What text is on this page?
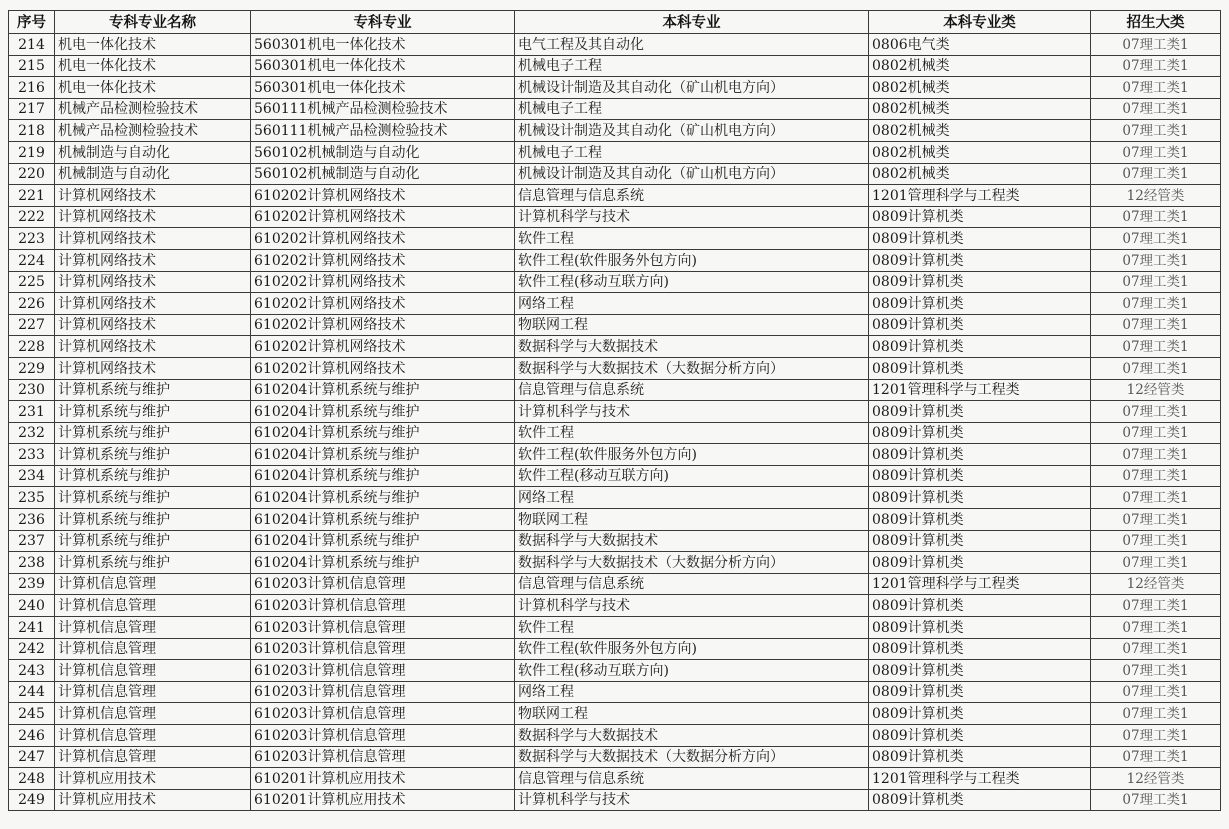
序号	专科专业名称	专科专业	本科专业	本科专业类	招生大类
214	机电一体化技术	560301机电一体化技术	电气工程及其自动化	0806电气类	07理工类1
215	机电一体化技术	560301机电一体化技术	机械电子工程	0802机械类	07理工类1
216	机电一体化技术	560301机电一体化技术	机械设计制造及其自动化（矿山机电方向）	0802机械类	07理工类1
217	机械产品检测检验技术	560111机械产品检测检验技术	机械电子工程	0802机械类	07理工类1
218	机械产品检测检验技术	560111机械产品检测检验技术	机械设计制造及其自动化（矿山机电方向）	0802机械类	07理工类1
219	机械制造与自动化	560102机械制造与自动化	机械电子工程	0802机械类	07理工类1
220	机械制造与自动化	560102机械制造与自动化	机械设计制造及其自动化（矿山机电方向）	0802机械类	07理工类1
221	计算机网络技术	610202计算机网络技术	信息管理与信息系统	1201管理科学与工程类	12经管类
222	计算机网络技术	610202计算机网络技术	计算机科学与技术	0809计算机类	07理工类1
223	计算机网络技术	610202计算机网络技术	软件工程	0809计算机类	07理工类1
224	计算机网络技术	610202计算机网络技术	软件工程(软件服务外包方向)	0809计算机类	07理工类1
225	计算机网络技术	610202计算机网络技术	软件工程(移动互联方向)	0809计算机类	07理工类1
226	计算机网络技术	610202计算机网络技术	网络工程	0809计算机类	07理工类1
227	计算机网络技术	610202计算机网络技术	物联网工程	0809计算机类	07理工类1
228	计算机网络技术	610202计算机网络技术	数据科学与大数据技术	0809计算机类	07理工类1
229	计算机网络技术	610202计算机网络技术	数据科学与大数据技术（大数据分析方向）	0809计算机类	07理工类1
230	计算机系统与维护	610204计算机系统与维护	信息管理与信息系统	1201管理科学与工程类	12经管类
231	计算机系统与维护	610204计算机系统与维护	计算机科学与技术	0809计算机类	07理工类1
232	计算机系统与维护	610204计算机系统与维护	软件工程	0809计算机类	07理工类1
233	计算机系统与维护	610204计算机系统与维护	软件工程(软件服务外包方向)	0809计算机类	07理工类1
234	计算机系统与维护	610204计算机系统与维护	软件工程(移动互联方向)	0809计算机类	07理工类1
235	计算机系统与维护	610204计算机系统与维护	网络工程	0809计算机类	07理工类1
236	计算机系统与维护	610204计算机系统与维护	物联网工程	0809计算机类	07理工类1
237	计算机系统与维护	610204计算机系统与维护	数据科学与大数据技术	0809计算机类	07理工类1
238	计算机系统与维护	610204计算机系统与维护	数据科学与大数据技术（大数据分析方向）	0809计算机类	07理工类1
239	计算机信息管理	610203计算机信息管理	信息管理与信息系统	1201管理科学与工程类	12经管类
240	计算机信息管理	610203计算机信息管理	计算机科学与技术	0809计算机类	07理工类1
241	计算机信息管理	610203计算机信息管理	软件工程	0809计算机类	07理工类1
242	计算机信息管理	610203计算机信息管理	软件工程(软件服务外包方向)	0809计算机类	07理工类1
243	计算机信息管理	610203计算机信息管理	软件工程(移动互联方向)	0809计算机类	07理工类1
244	计算机信息管理	610203计算机信息管理	网络工程	0809计算机类	07理工类1
245	计算机信息管理	610203计算机信息管理	物联网工程	0809计算机类	07理工类1
246	计算机信息管理	610203计算机信息管理	数据科学与大数据技术	0809计算机类	07理工类1
247	计算机信息管理	610203计算机信息管理	数据科学与大数据技术（大数据分析方向）	0809计算机类	07理工类1
248	计算机应用技术	610201计算机应用技术	信息管理与信息系统	1201管理科学与工程类	12经管类
249	计算机应用技术	610201计算机应用技术	计算机科学与技术	0809计算机类	07理工类1
